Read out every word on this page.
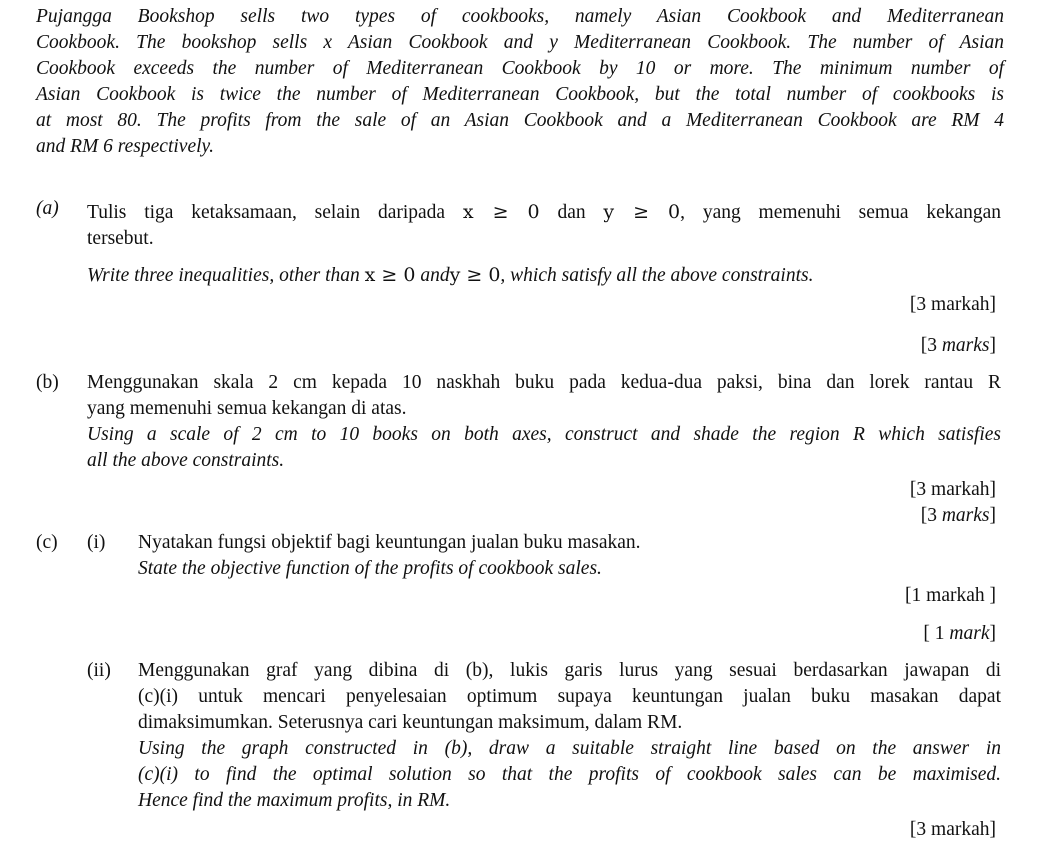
Pujangga Bookshop sells two types of cookbooks, namely Asian Cookbook and Mediterranean
Cookbook. The bookshop sells x Asian Cookbook and y Mediterranean Cookbook. The number of Asian
Cookbook exceeds the number of Mediterranean Cookbook by 10 or more. The minimum number of
Asian Cookbook is twice the number of Mediterranean Cookbook, but the total number of cookbooks is
at most 80. The profits from the sale of an Asian Cookbook and a Mediterranean Cookbook are RM 4
and RM 6 respectively.
(a) Tulis tiga ketaksamaan, selain daripada x ≥ 0 dan y ≥ 0, yang memenuhi semua kekangan
tersebut.
Write three inequalities, other than x ≥ 0 andy ≥ 0, which satisfy all the above constraints.
[3 markah]
[3 marks]
(b) Menggunakan skala 2 cm kepada 10 naskhah buku pada kedua-dua paksi, bina dan lorek rantau R
yang memenuhi semua kekangan di atas.
Using a scale of 2 cm to 10 books on both axes, construct and shade the region R which satisfies
all the above constraints.
[3 markah]
[3 marks]
(c) (i) Nyatakan fungsi objektif bagi keuntungan jualan buku masakan.
State the objective function of the profits of cookbook sales.
[1 markah ]
[ 1 mark]
(ii) Menggunakan graf yang dibina di (b), lukis garis lurus yang sesuai berdasarkan jawapan di
(c)(i) untuk mencari penyelesaian optimum supaya keuntungan jualan buku masakan dapat
dimaksimumkan. Seterusnya cari keuntungan maksimum, dalam RM.
Using the graph constructed in (b), draw a suitable straight line based on the answer in
(c)(i) to find the optimal solution so that the profits of cookbook sales can be maximised.
Hence find the maximum profits, in RM.
[3 markah]
